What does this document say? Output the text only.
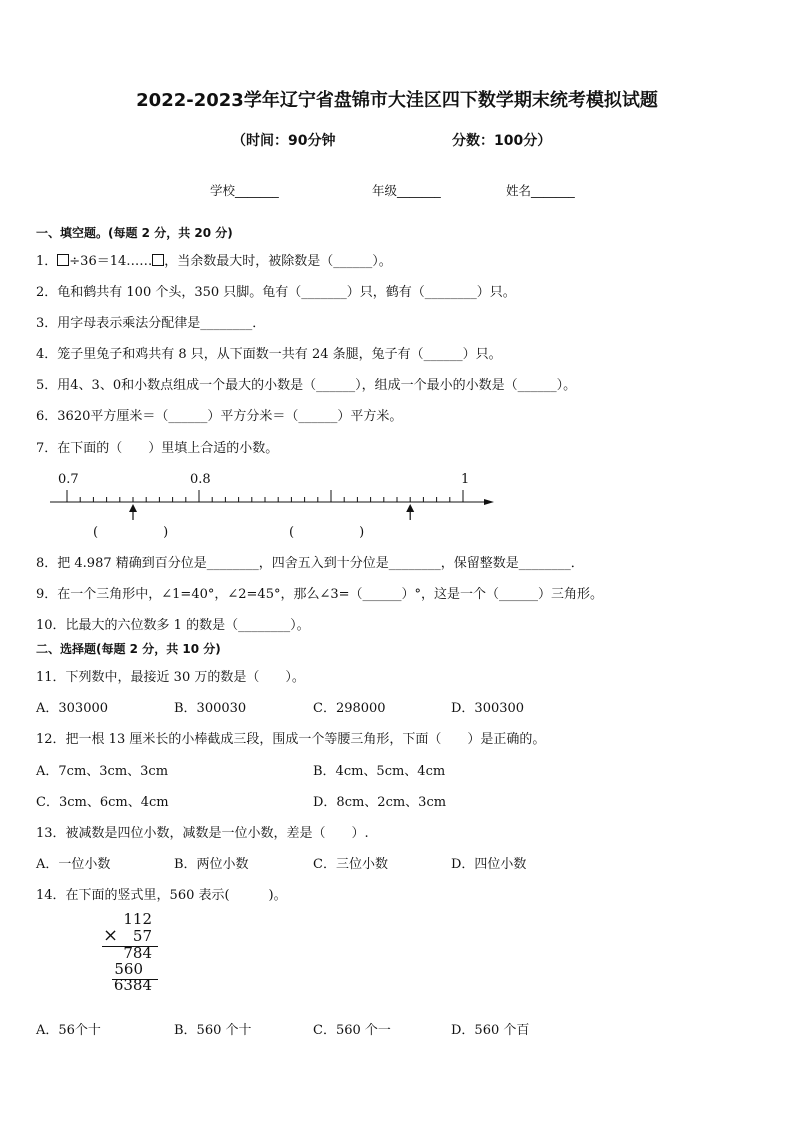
2022-2023学年辽宁省盘锦市大洼区四下数学期末统考模拟试题
（时间：90分钟	分数：100分）
学校_______	年级_______	姓名_______
一、填空题。(每题 2 分，共 20 分)
1． ÷36＝14…… ，当余数最大时，被除数是（______）。
2．龟和鹤共有 100 个头，350 只脚。龟有（_______）只，鹤有（________）只。
3．用字母表示乘法分配律是________．
4．笼子里兔子和鸡共有 8 只，从下面数一共有 24 条腿，兔子有（______）只。
5．用4、3、0和小数点组成一个最大的小数是（______），组成一个最小的小数是（______）。
6．3620平方厘米＝（______）平方分米＝（______）平方米。
7．在下面的（　　）里填上合适的小数。
0.7	0.8	1
(　　　　　)	(　　　　　)
8．把 4.987 精确到百分位是________，四舍五入到十分位是________，保留整数是________．
9．在一个三角形中，∠1=40°，∠2=45°，那么∠3=（______）°，这是一个（______）三角形。
10．比最大的六位数多 1 的数是（________）。
二、选择题(每题 2 分，共 10 分)
11．下列数中，最接近 30 万的数是（　　）。
A．303000	B．300030	C．298000	D．300300
12．把一根 13 厘米长的小棒截成三段，围成一个等腰三角形，下面（　　）是正确的。
A．7cm、3cm、3cm	B．4cm、5cm、4cm
C．3cm、6cm、4cm	D．8cm、2cm、3cm
13．被减数是四位小数，减数是一位小数，差是（　　）.
A．一位小数	B．两位小数	C．三位小数	D．四位小数
14．在下面的竖式里，560 表示(　　　)。
112
× 57
784
560
6384
A．56个十	B．560 个十	C．560 个一	D．560 个百
